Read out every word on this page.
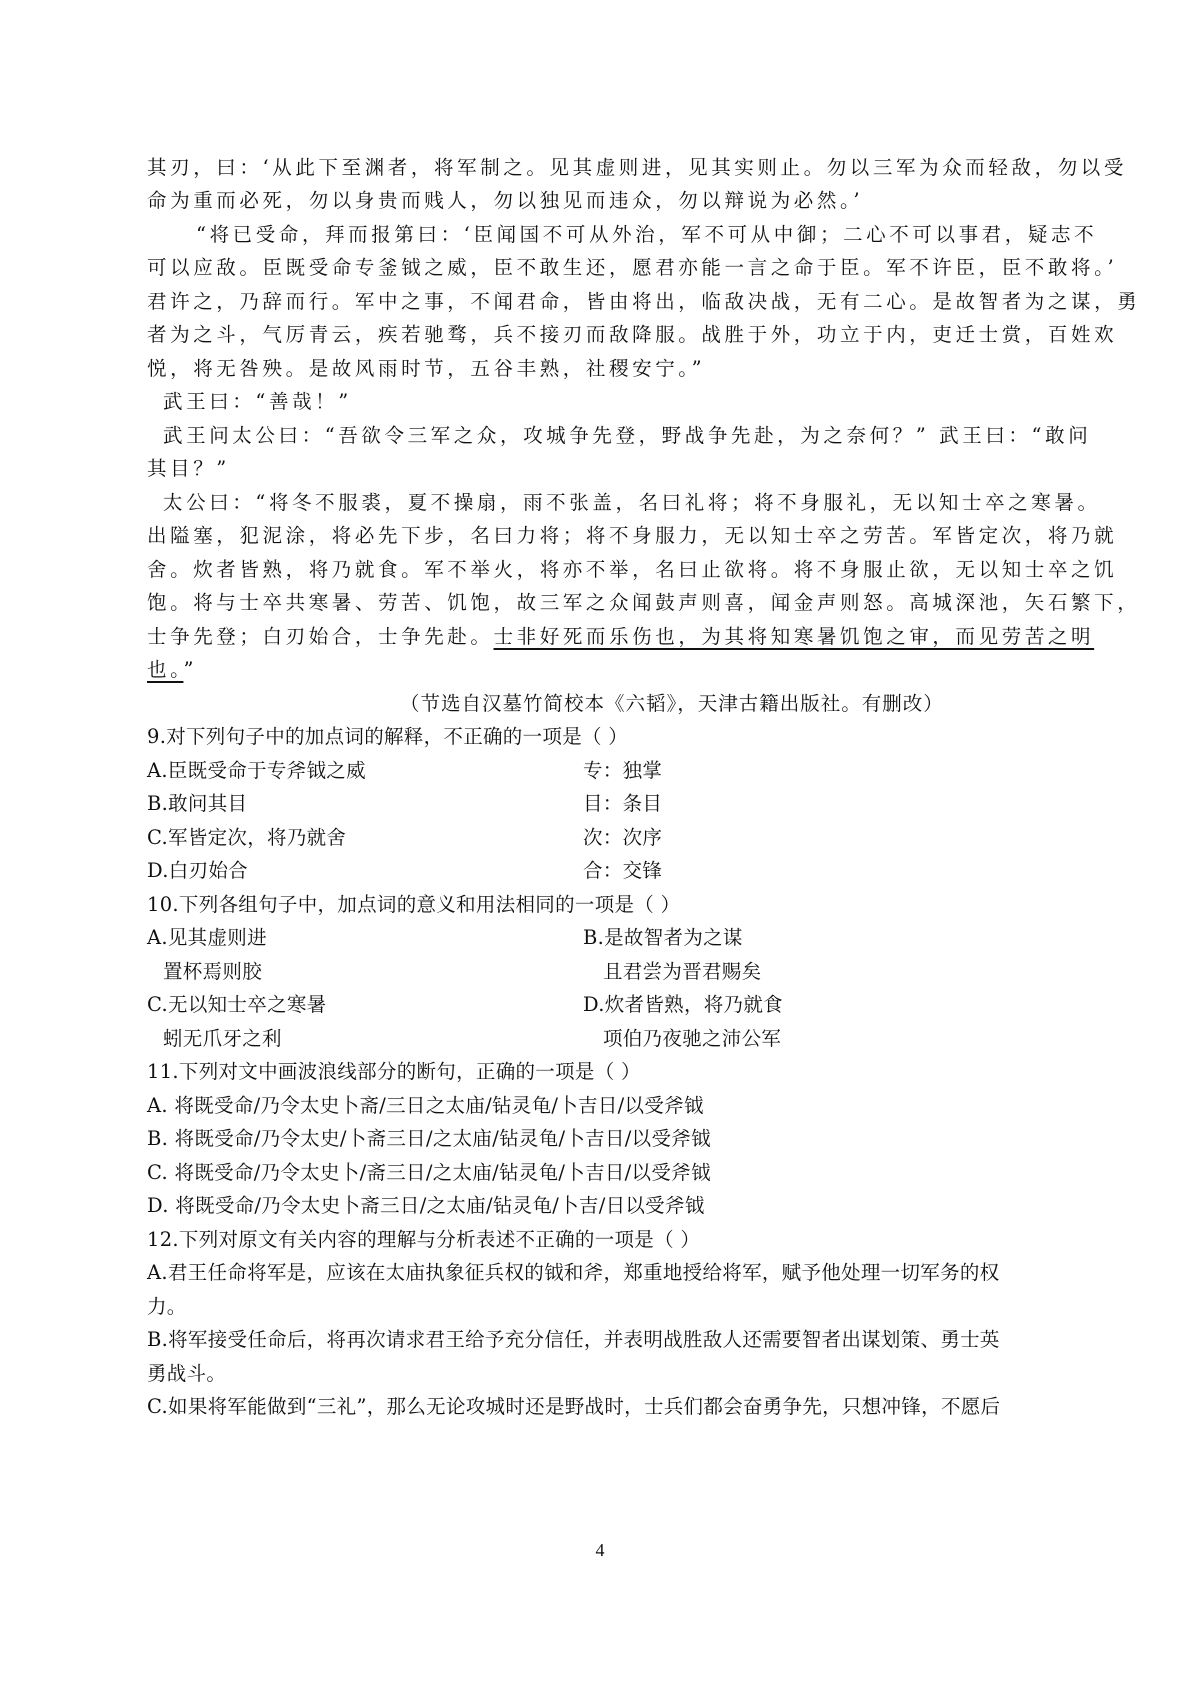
其刃，曰：‘从此下至渊者，将军制之。见其虚则进，见其实则止。勿以三军为众而轻敌，勿以受
命为重而必死，勿以身贵而贱人，勿以独见而违众，勿以辩说为必然。’
“将已受命，拜而报第曰：‘臣闻国不可从外治，军不可从中御；二心不可以事君，疑志不
可以应敌。臣既受命专釜钺之威，臣不敢生还，愿君亦能一言之命于臣。军不许臣，臣不敢将。’
君许之，乃辞而行。军中之事，不闻君命，皆由将出，临敌决战，无有二心。是故智者为之谋，勇
者为之斗，气厉青云，疾若驰骛，兵不接刃而敌降服。战胜于外，功立于内，吏迁士赏，百姓欢
悦，将无咎殃。是故风雨时节，五谷丰熟，社稷安宁。”
武王曰：“善哉！”
武王问太公曰：“吾欲令三军之众，攻城争先登，野战争先赴，为之奈何？” 武王曰：“敢问
其目？”
太公曰：“将冬不服裘，夏不操扇，雨不张盖，名曰礼将；将不身服礼，无以知士卒之寒暑。
出隘塞，犯泥涂，将必先下步，名曰力将；将不身服力，无以知士卒之劳苦。军皆定次，将乃就
舍。炊者皆熟，将乃就食。军不举火，将亦不举，名曰止欲将。将不身服止欲，无以知士卒之饥
饱。将与士卒共寒暑、劳苦、饥饱，故三军之众闻鼓声则喜，闻金声则怒。高城深池，矢石繁下，
士争先登；白刃始合，士争先赴。士非好死而乐伤也，为其将知寒暑饥饱之审，而见劳苦之明
也。”
（节选自汉墓竹简校本《六韬》，天津古籍出版社。有删改）
9.对下列句子中的加点词的解释，不正确的一项是（ ）
A.臣既受命于专斧钺之威	专：独掌
B.敢问其目	目：条目
C.军皆定次，将乃就舍	次：次序
D.白刃始合	合：交锋
10.下列各组句子中，加点词的意义和用法相同的一项是（ ）
A.见其虚则进	B.是故智者为之谋
置杯焉则胶	且君尝为晋君赐矣
C.无以知士卒之寒暑	D.炊者皆熟，将乃就食
蚓无爪牙之利	项伯乃夜驰之沛公军
11.下列对文中画波浪线部分的断句，正确的一项是（ ）
A. 将既受命/乃令太史卜斋/三日之太庙/钻灵龟/卜吉日/以受斧钺
B. 将既受命/乃令太史/卜斋三日/之太庙/钻灵龟/卜吉日/以受斧钺
C. 将既受命/乃令太史卜/斋三日/之太庙/钻灵龟/卜吉日/以受斧钺
D. 将既受命/乃令太史卜斋三日/之太庙/钻灵龟/卜吉/日以受斧钺
12.下列对原文有关内容的理解与分析表述不正确的一项是（ ）
A.君王任命将军是，应该在太庙执象征兵权的钺和斧，郑重地授给将军，赋予他处理一切军务的权
力。
B.将军接受任命后，将再次请求君王给予充分信任，并表明战胜敌人还需要智者出谋划策、勇士英
勇战斗。
C.如果将军能做到“三礼”，那么无论攻城时还是野战时，士兵们都会奋勇争先，只想冲锋，不愿后
4
